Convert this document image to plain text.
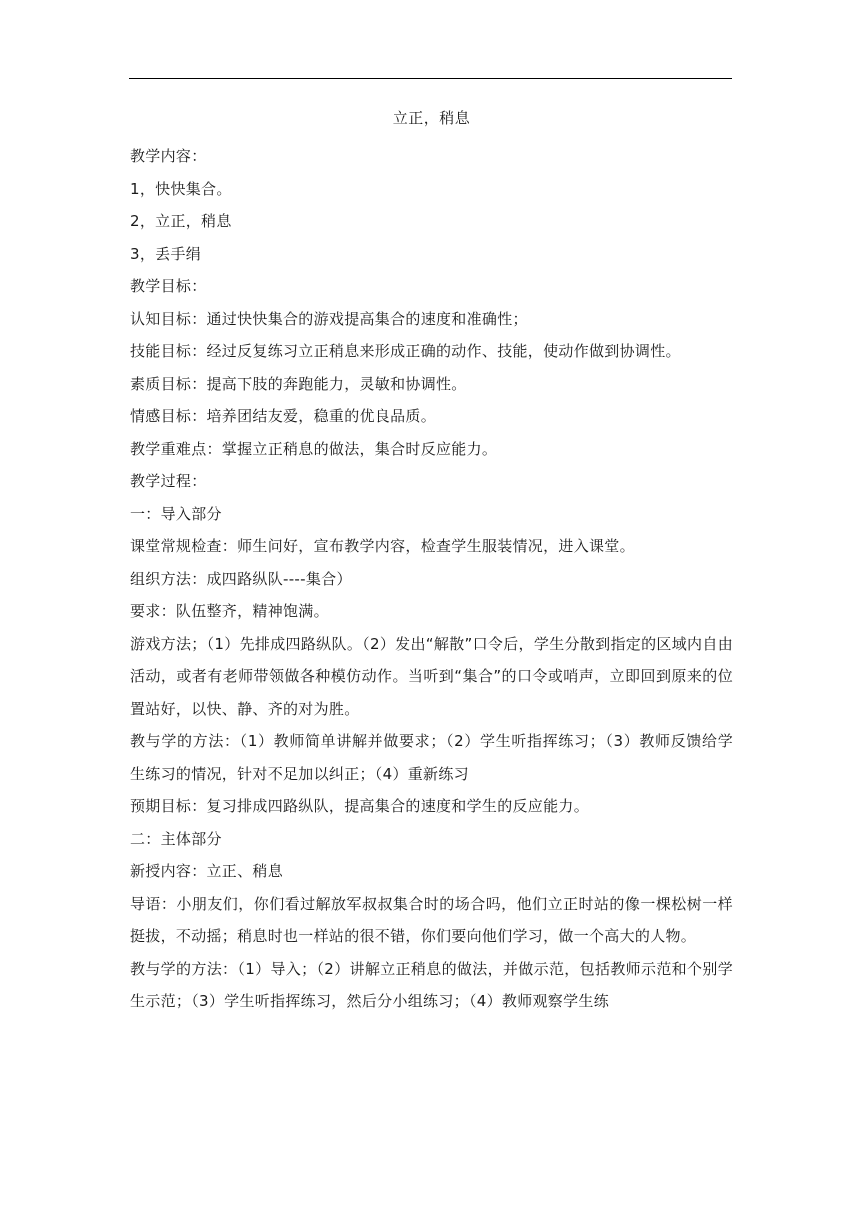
立正，稍息

教学内容：

1，快快集合。

2，立正，稍息

3，丢手绢

教学目标：

认知目标：通过快快集合的游戏提高集合的速度和准确性；

技能目标：经过反复练习立正稍息来形成正确的动作、技能，使动作做到协调性。

素质目标：提高下肢的奔跑能力，灵敏和协调性。

情感目标：培养团结友爱，稳重的优良品质。

教学重难点：掌握立正稍息的做法，集合时反应能力。

教学过程：

一：导入部分

课堂常规检查：师生问好，宣布教学内容，检查学生服装情况，进入课堂。

组织方法：成四路纵队----集合）

要求：队伍整齐，精神饱满。

游戏方法；（1）先排成四路纵队。（2）发出“解散”口令后，学生分散到指定的区域内自由活动，或者有老师带领做各种模仿动作。当听到“集合”的口令或哨声，立即回到原来的位置站好，以快、静、齐的对为胜。

教与学的方法：（1）教师简单讲解并做要求；（2）学生听指挥练习；（3）教师反馈给学生练习的情况，针对不足加以纠正；（4）重新练习

预期目标：复习排成四路纵队，提高集合的速度和学生的反应能力。

二：主体部分

新授内容：立正、稍息

导语：小朋友们，你们看过解放军叔叔集合时的场合吗，他们立正时站的像一棵松树一样挺拔，不动摇；稍息时也一样站的很不错，你们要向他们学习，做一个高大的人物。

教与学的方法：（1）导入；（2）讲解立正稍息的做法，并做示范，包括教师示范和个别学生示范；（3）学生听指挥练习，然后分小组练习；（4）教师观察学生练
